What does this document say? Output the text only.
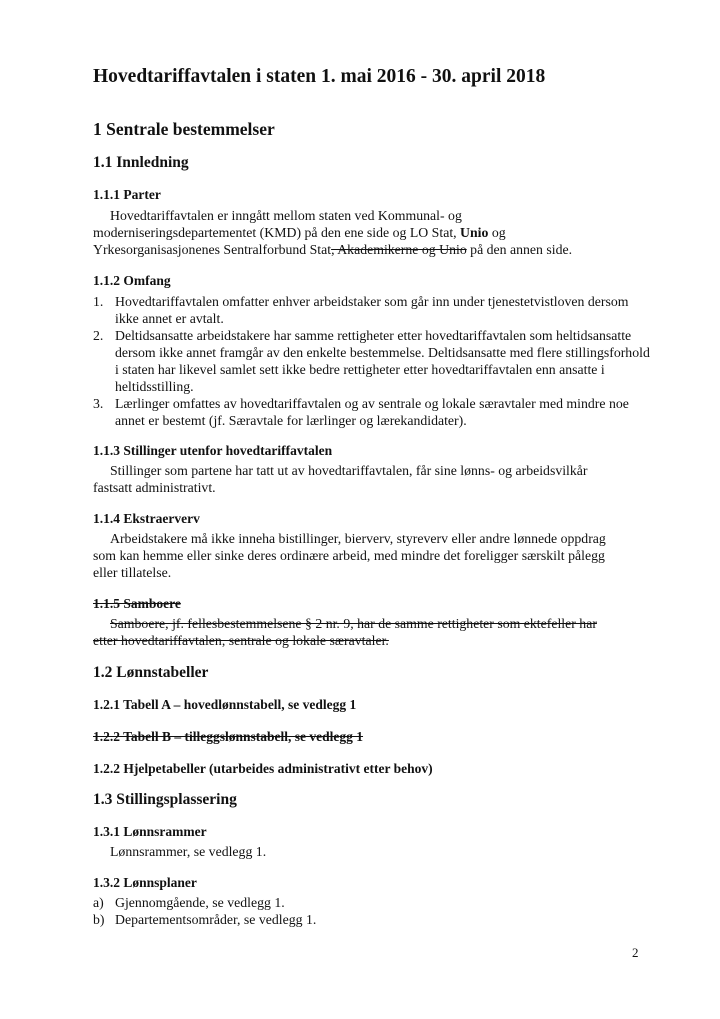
Hovedtariffavtalen i staten 1. mai 2016 - 30. april 2018
1 Sentrale bestemmelser
1.1 Innledning
1.1.1 Parter
Hovedtariffavtalen er inngått mellom staten ved Kommunal- og
moderniseringsdepartementet (KMD) på den ene side og LO Stat, Unio og
Yrkesorganisasjonenes Sentralforbund Stat, Akademikerne og Unio på den annen side.
1.1.2 Omfang
1. Hovedtariffavtalen omfatter enhver arbeidstaker som går inn under tjenestetvistloven dersom ikke annet er avtalt.
2. Deltidsansatte arbeidstakere har samme rettigheter etter hovedtariffavtalen som heltidsansatte dersom ikke annet framgår av den enkelte bestemmelse. Deltidsansatte med flere stillingsforhold i staten har likevel samlet sett ikke bedre rettigheter etter hovedtariffavtalen enn ansatte i heltidsstilling.
3. Lærlinger omfattes av hovedtariffavtalen og av sentrale og lokale særavtaler med mindre noe annet er bestemt (jf. Særavtale for lærlinger og lærekandidater).
1.1.3 Stillinger utenfor hovedtariffavtalen
Stillinger som partene har tatt ut av hovedtariffavtalen, får sine lønns- og arbeidsvilkår
fastsatt administrativt.
1.1.4 Ekstraerverv
Arbeidstakere må ikke inneha bistillinger, bierverv, styreverv eller andre lønnede oppdrag
som kan hemme eller sinke deres ordinære arbeid, med mindre det foreligger særskilt pålegg
eller tillatelse.
1.1.5 Samboere
Samboere, jf. fellesbestemmelsene § 2 nr. 9, har de samme rettigheter som ektefeller har
etter hovedtariffavtalen, sentrale og lokale særavtaler.
1.2 Lønnstabeller
1.2.1 Tabell A – hovedlønnstabell, se vedlegg 1
1.2.2 Tabell B – tilleggslønnstabell, se vedlegg 1
1.2.2 Hjelpetabeller (utarbeides administrativt etter behov)
1.3 Stillingsplassering
1.3.1 Lønnsrammer
Lønnsrammer, se vedlegg 1.
1.3.2 Lønnsplaner
a) Gjennomgående, se vedlegg 1.
b) Departementsområder, se vedlegg 1.
2
